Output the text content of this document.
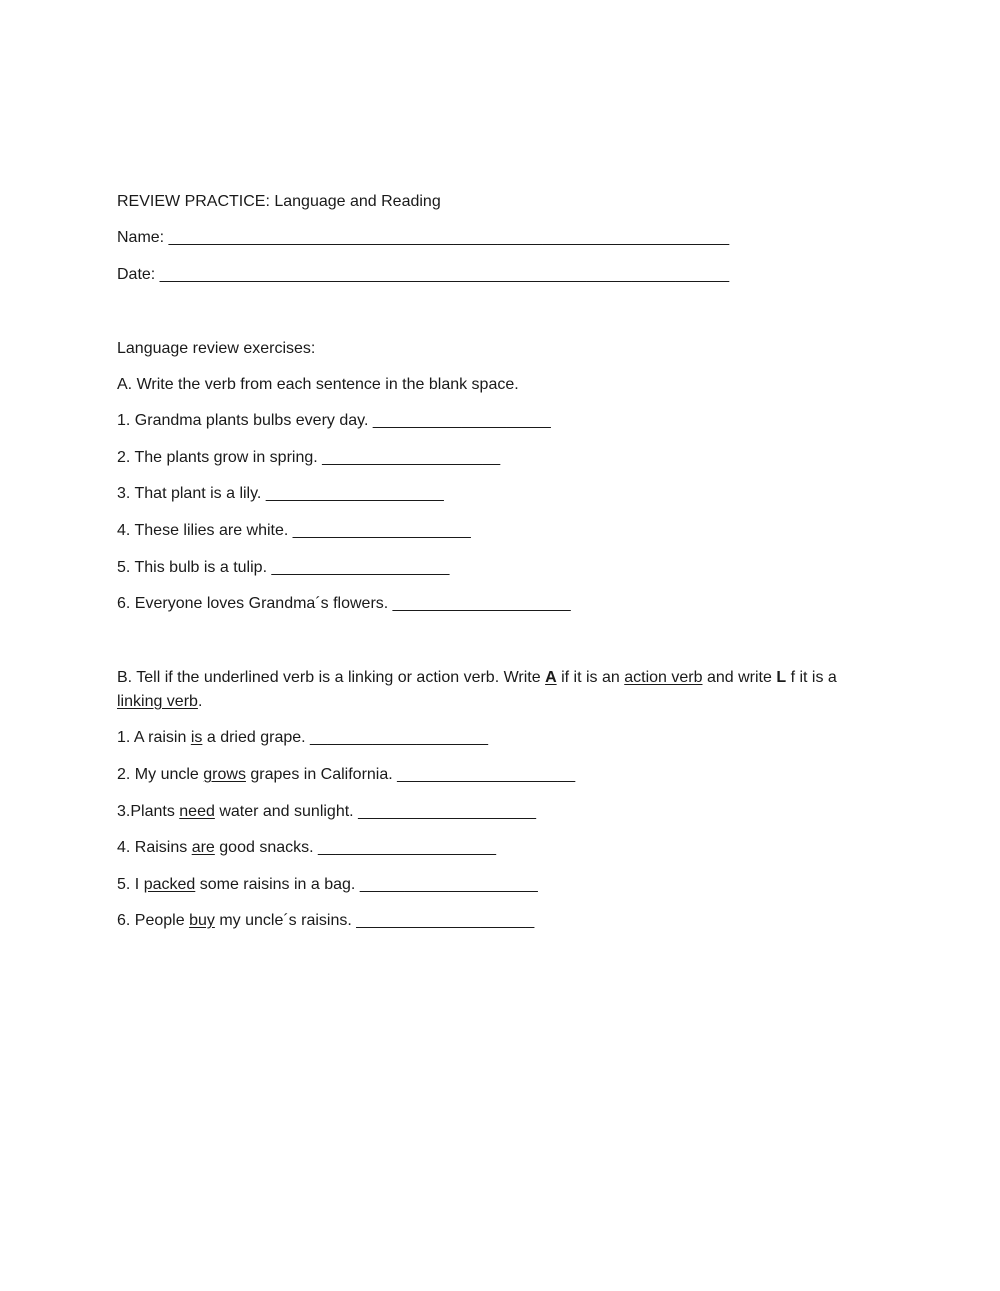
REVIEW PRACTICE: Language and Reading
Name: _______________________________________________________________
Date: ________________________________________________________________
Language review exercises:
A. Write the verb from each sentence in the blank space.
1. Grandma plants bulbs every day. ____________________
2. The plants grow in spring. ____________________
3. That plant is a lily. ____________________
4. These lilies are white. ____________________
5. This bulb is a tulip. ____________________
6. Everyone loves Grandma´s flowers. ____________________
B. Tell if the underlined verb is a linking or action verb. Write A if it is an action verb and write L f it is a linking verb.
1. A raisin is a dried grape. ____________________
2. My uncle grows grapes in California. ____________________
3.Plants need water and sunlight. ____________________
4. Raisins are good snacks. ____________________
5. I packed some raisins in a bag. ____________________
6. People buy my uncle´s raisins. ____________________
